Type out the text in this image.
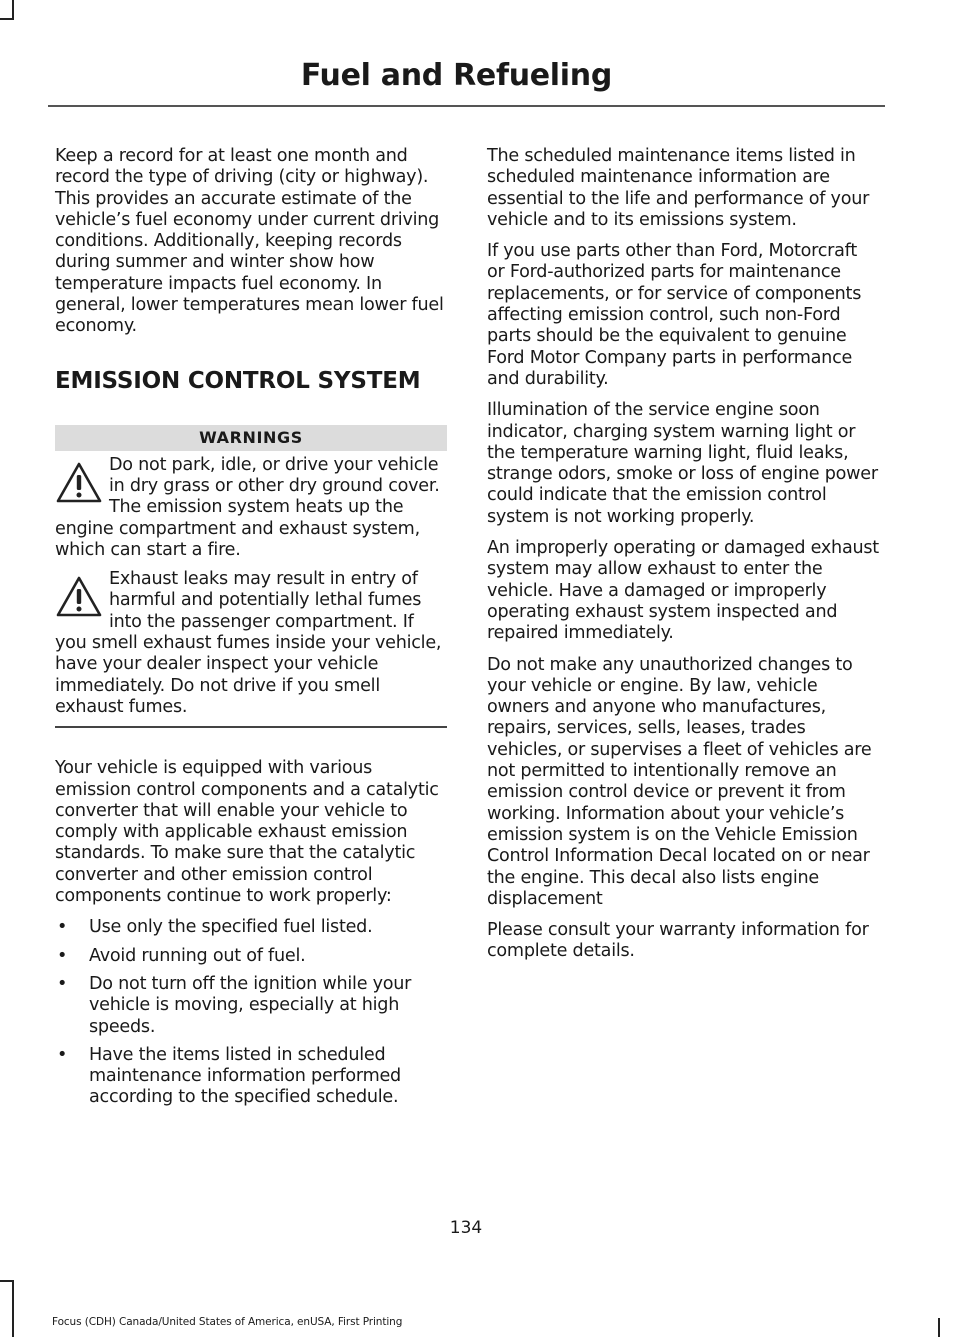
Fuel and Refueling

Keep a record for at least one month and record the type of driving (city or highway). This provides an accurate estimate of the vehicle’s fuel economy under current driving conditions. Additionally, keeping records during summer and winter show how temperature impacts fuel economy. In general, lower temperatures mean lower fuel economy.

EMISSION CONTROL SYSTEM
WARNINGS

Do not park, idle, or drive your vehicle in dry grass or other dry ground cover. The emission system heats up the engine compartment and exhaust system, which can start a fire.

Exhaust leaks may result in entry of harmful and potentially lethal fumes into the passenger compartment. If you smell exhaust fumes inside your vehicle, have your dealer inspect your vehicle immediately. Do not drive if you smell exhaust fumes.

Your vehicle is equipped with various emission control components and a catalytic converter that will enable your vehicle to comply with applicable exhaust emission standards. To make sure that the catalytic converter and other emission control components continue to work properly:

• Use only the specified fuel listed.
• Avoid running out of fuel.
• Do not turn off the ignition while your vehicle is moving, especially at high speeds.
• Have the items listed in scheduled maintenance information performed according to the specified schedule.

The scheduled maintenance items listed in scheduled maintenance information are essential to the life and performance of your vehicle and to its emissions system.

If you use parts other than Ford, Motorcraft or Ford-authorized parts for maintenance replacements, or for service of components affecting emission control, such non-Ford parts should be the equivalent to genuine Ford Motor Company parts in performance and durability.

Illumination of the service engine soon indicator, charging system warning light or the temperature warning light, fluid leaks, strange odors, smoke or loss of engine power could indicate that the emission control system is not working properly.

An improperly operating or damaged exhaust system may allow exhaust to enter the vehicle. Have a damaged or improperly operating exhaust system inspected and repaired immediately.

Do not make any unauthorized changes to your vehicle or engine. By law, vehicle owners and anyone who manufactures, repairs, services, sells, leases, trades vehicles, or supervises a fleet of vehicles are not permitted to intentionally remove an emission control device or prevent it from working. Information about your vehicle’s emission system is on the Vehicle Emission Control Information Decal located on or near the engine. This decal also lists engine displacement

Please consult your warranty information for complete details.

134
Focus (CDH) Canada/United States of America, enUSA, First Printing
